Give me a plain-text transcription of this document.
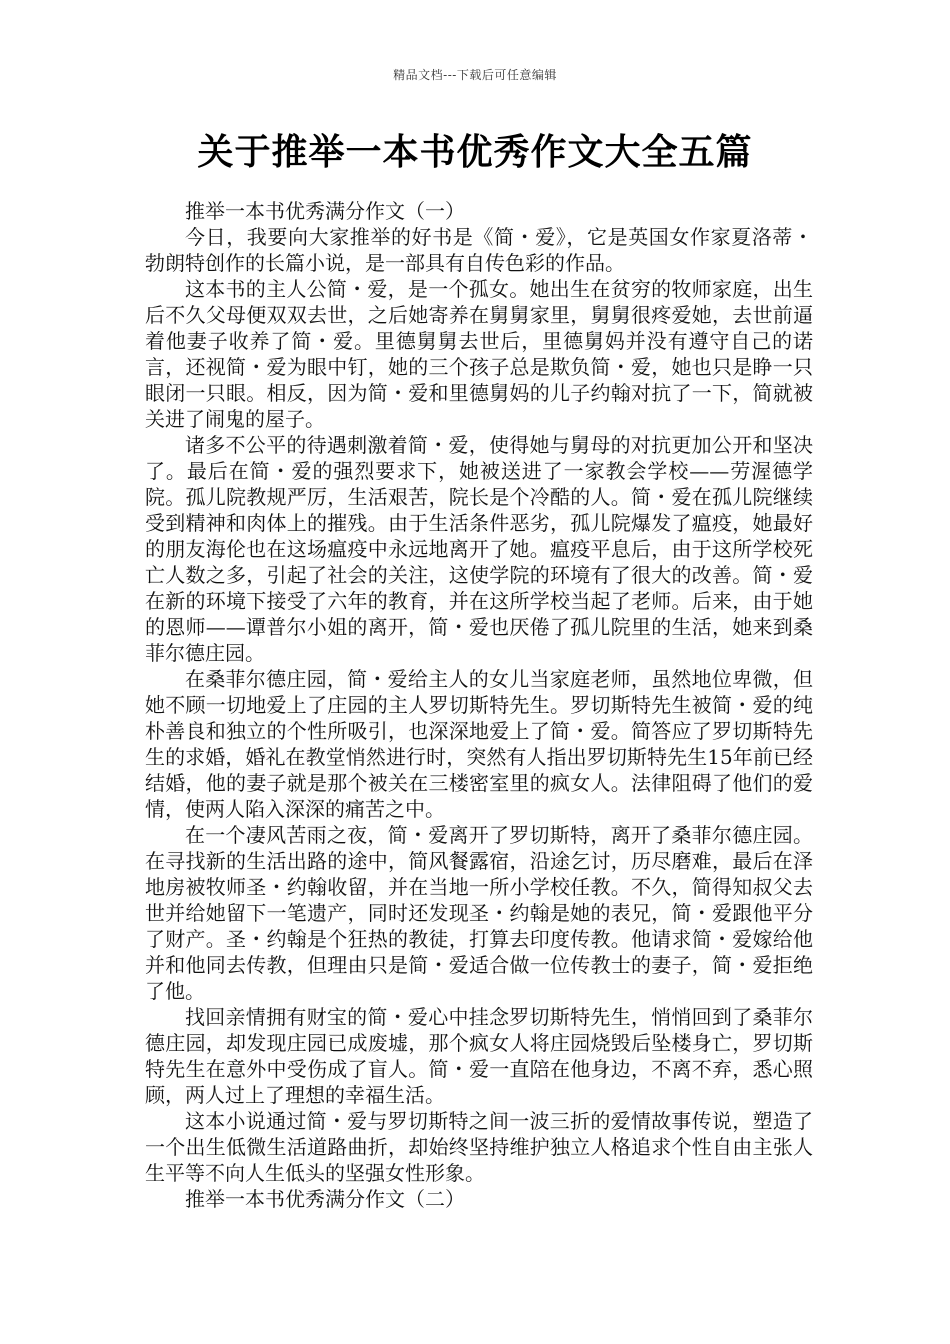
精品文档---下载后可任意编辑
关于推举一本书优秀作文大全五篇

推举一本书优秀满分作文（一）

今日，我要向大家推举的好书是《简・爱》，它是英国女作家夏洛蒂・勃朗特创作的长篇小说，是一部具有自传色彩的作品。

这本书的主人公简・爱，是一个孤女。她出生在贫穷的牧师家庭，出生后不久父母便双双去世，之后她寄养在舅舅家里，舅舅很疼爱她，去世前逼着他妻子收养了简・爱。里德舅舅去世后，里德舅妈并没有遵守自己的诺言，还视简・爱为眼中钉，她的三个孩子总是欺负简・爱，她也只是睁一只眼闭一只眼。相反，因为简・爱和里德舅妈的儿子约翰对抗了一下，简就被关进了闹鬼的屋子。

诸多不公平的待遇刺激着简・爱，使得她与舅母的对抗更加公开和坚决了。最后在简・爱的强烈要求下，她被送进了一家教会学校——劳渥德学院。孤儿院教规严厉，生活艰苦，院长是个冷酷的人。简・爱在孤儿院继续受到精神和肉体上的摧残。由于生活条件恶劣，孤儿院爆发了瘟疫，她最好的朋友海伦也在这场瘟疫中永远地离开了她。瘟疫平息后，由于这所学校死亡人数之多，引起了社会的关注，这使学院的环境有了很大的改善。简・爱在新的环境下接受了六年的教育，并在这所学校当起了老师。后来，由于她的恩师——谭普尔小姐的离开，简・爱也厌倦了孤儿院里的生活，她来到桑菲尔德庄园。

在桑菲尔德庄园，简・爱给主人的女儿当家庭老师，虽然地位卑微，但她不顾一切地爱上了庄园的主人罗切斯特先生。罗切斯特先生被简・爱的纯朴善良和独立的个性所吸引，也深深地爱上了简・爱。简答应了罗切斯特先生的求婚，婚礼在教堂悄然进行时，突然有人指出罗切斯特先生15年前已经结婚，他的妻子就是那个被关在三楼密室里的疯女人。法律阻碍了他们的爱情，使两人陷入深深的痛苦之中。

在一个凄风苦雨之夜，简・爱离开了罗切斯特，离开了桑菲尔德庄园。在寻找新的生活出路的途中，简风餐露宿，沿途乞讨，历尽磨难，最后在泽地房被牧师圣・约翰收留，并在当地一所小学校任教。不久，简得知叔父去世并给她留下一笔遗产，同时还发现圣・约翰是她的表兄，简・爱跟他平分了财产。圣・约翰是个狂热的教徒，打算去印度传教。他请求简・爱嫁给他并和他同去传教，但理由只是简・爱适合做一位传教士的妻子，简・爱拒绝了他。

找回亲情拥有财宝的简・爱心中挂念罗切斯特先生，悄悄回到了桑菲尔德庄园，却发现庄园已成废墟，那个疯女人将庄园烧毁后坠楼身亡，罗切斯特先生在意外中受伤成了盲人。简・爱一直陪在他身边，不离不弃，悉心照顾，两人过上了理想的幸福生活。

这本小说通过简・爱与罗切斯特之间一波三折的爱情故事传说，塑造了一个出生低微生活道路曲折，却始终坚持维护独立人格追求个性自由主张人生平等不向人生低头的坚强女性形象。

推举一本书优秀满分作文（二）
